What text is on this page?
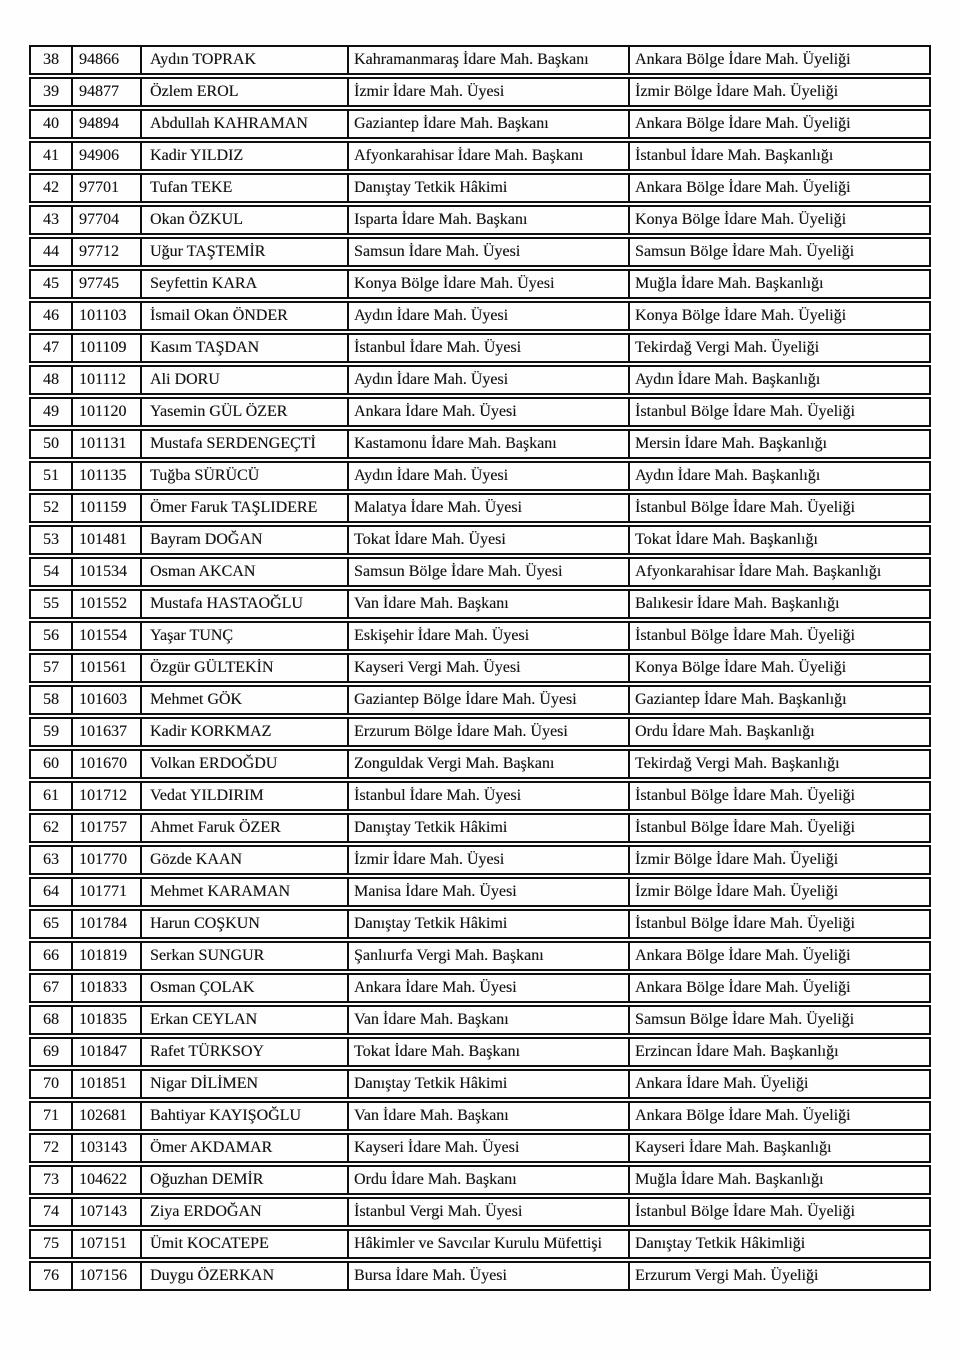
38	94866	Aydın TOPRAK	Kahramanmaraş İdare Mah. Başkanı	Ankara Bölge İdare Mah. Üyeliği
39	94877	Özlem EROL	İzmir İdare Mah. Üyesi	İzmir Bölge İdare Mah. Üyeliği
40	94894	Abdullah KAHRAMAN	Gaziantep İdare Mah. Başkanı	Ankara Bölge İdare Mah. Üyeliği
41	94906	Kadir YILDIZ	Afyonkarahisar İdare Mah. Başkanı	İstanbul İdare Mah. Başkanlığı
42	97701	Tufan TEKE	Danıştay Tetkik Hâkimi	Ankara Bölge İdare Mah. Üyeliği
43	97704	Okan ÖZKUL	Isparta İdare Mah. Başkanı	Konya Bölge İdare Mah. Üyeliği
44	97712	Uğur TAŞTEMİR	Samsun İdare Mah. Üyesi	Samsun Bölge İdare Mah. Üyeliği
45	97745	Seyfettin KARA	Konya Bölge İdare Mah. Üyesi	Muğla İdare Mah. Başkanlığı
46	101103	İsmail Okan ÖNDER	Aydın İdare Mah. Üyesi	Konya Bölge İdare Mah. Üyeliği
47	101109	Kasım TAŞDAN	İstanbul İdare Mah. Üyesi	Tekirdağ Vergi Mah. Üyeliği
48	101112	Ali DORU	Aydın İdare Mah. Üyesi	Aydın İdare Mah. Başkanlığı
49	101120	Yasemin GÜL ÖZER	Ankara İdare Mah. Üyesi	İstanbul Bölge İdare Mah. Üyeliği
50	101131	Mustafa SERDENGEÇTİ	Kastamonu İdare Mah. Başkanı	Mersin İdare Mah. Başkanlığı
51	101135	Tuğba SÜRÜCÜ	Aydın İdare Mah. Üyesi	Aydın İdare Mah. Başkanlığı
52	101159	Ömer Faruk TAŞLIDERE	Malatya İdare Mah. Üyesi	İstanbul Bölge İdare Mah. Üyeliği
53	101481	Bayram DOĞAN	Tokat İdare Mah. Üyesi	Tokat İdare Mah. Başkanlığı
54	101534	Osman AKCAN	Samsun Bölge İdare Mah. Üyesi	Afyonkarahisar İdare Mah. Başkanlığı
55	101552	Mustafa HASTAOĞLU	Van İdare Mah. Başkanı	Balıkesir İdare Mah. Başkanlığı
56	101554	Yaşar TUNÇ	Eskişehir İdare Mah. Üyesi	İstanbul Bölge İdare Mah. Üyeliği
57	101561	Özgür GÜLTEKİN	Kayseri Vergi Mah. Üyesi	Konya Bölge İdare Mah. Üyeliği
58	101603	Mehmet GÖK	Gaziantep Bölge İdare Mah. Üyesi	Gaziantep İdare Mah. Başkanlığı
59	101637	Kadir KORKMAZ	Erzurum Bölge İdare Mah. Üyesi	Ordu İdare Mah. Başkanlığı
60	101670	Volkan ERDOĞDU	Zonguldak Vergi Mah. Başkanı	Tekirdağ Vergi Mah. Başkanlığı
61	101712	Vedat YILDIRIM	İstanbul İdare Mah. Üyesi	İstanbul Bölge İdare Mah. Üyeliği
62	101757	Ahmet Faruk ÖZER	Danıştay Tetkik Hâkimi	İstanbul Bölge İdare Mah. Üyeliği
63	101770	Gözde KAAN	İzmir İdare Mah. Üyesi	İzmir Bölge İdare Mah. Üyeliği
64	101771	Mehmet KARAMAN	Manisa İdare Mah. Üyesi	İzmir Bölge İdare Mah. Üyeliği
65	101784	Harun COŞKUN	Danıştay Tetkik Hâkimi	İstanbul Bölge İdare Mah. Üyeliği
66	101819	Serkan SUNGUR	Şanlıurfa Vergi Mah. Başkanı	Ankara Bölge İdare Mah. Üyeliği
67	101833	Osman ÇOLAK	Ankara İdare Mah. Üyesi	Ankara Bölge İdare Mah. Üyeliği
68	101835	Erkan CEYLAN	Van İdare Mah. Başkanı	Samsun Bölge İdare Mah. Üyeliği
69	101847	Rafet TÜRKSOY	Tokat İdare Mah. Başkanı	Erzincan İdare Mah. Başkanlığı
70	101851	Nigar DİLİMEN	Danıştay Tetkik Hâkimi	Ankara İdare Mah. Üyeliği
71	102681	Bahtiyar KAYIŞOĞLU	Van İdare Mah. Başkanı	Ankara Bölge İdare Mah. Üyeliği
72	103143	Ömer AKDAMAR	Kayseri İdare Mah. Üyesi	Kayseri İdare Mah. Başkanlığı
73	104622	Oğuzhan DEMİR	Ordu İdare Mah. Başkanı	Muğla İdare Mah. Başkanlığı
74	107143	Ziya ERDOĞAN	İstanbul Vergi Mah. Üyesi	İstanbul Bölge İdare Mah. Üyeliği
75	107151	Ümit KOCATEPE	Hâkimler ve Savcılar Kurulu Müfettişi	Danıştay Tetkik Hâkimliği
76	107156	Duygu ÖZERKAN	Bursa İdare Mah. Üyesi	Erzurum Vergi Mah. Üyeliği
